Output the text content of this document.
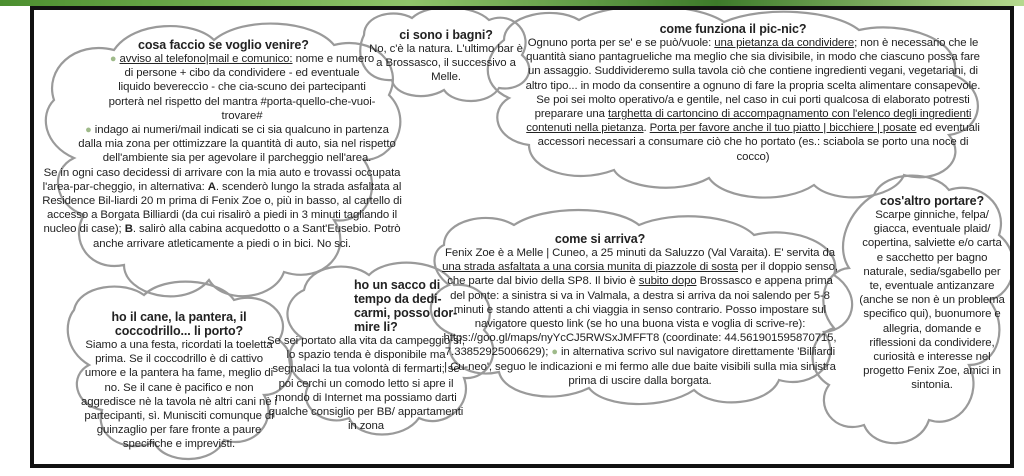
cosa faccio se voglio venire?

● avviso al telefono|mail e comunico: nome e numero di persone + cibo da condividere - ed eventuale liquido bevereccìo - che cia-scuno dei partecipanti porterà nel rispetto del mantra #porta-quello-che-vuoi-trovare#

● indago ai numeri/mail indicati se ci sia qualcuno in partenza dalla mia zona per ottimizzare la quantità di auto, sia nel rispetto dell'ambiente sia per agevolare il parcheggio nell'area.

Se in ogni caso decidessi di arrivare con la mia auto e trovassi occupata l'area-par-cheggio, in alternativa: A. scenderò lungo la strada asfaltata al Residence Bil-liardi 20 m prima di Fenix Zoe o, più in basso, al cartello di accesso a Borgata Billiardi (da cui risalirò a piedi in 3 minuti tagliando il nucleo di case); B. salirò alla cabina acquedotto o a Sant'Eusebio. Potrò anche arrivare atleticamente a piedi o in bici. No sci.

ci sono i bagni?

No, c'è la natura. L'ultimo bar è a Brossasco, il successivo a Melle.

come funziona il pic-nic?

Ognuno porta per se' e se può/vuole: una pietanza da condividere; non è necessario che le quantità siano pantagrueliche ma meglio che sia divisibile, in modo che ciascuno possa fare un assaggio. Suddivideremo sulla tavola ciò che contiene ingredienti vegani, vegetariani, di altro tipo... in modo da consentire a ognuno di fare la propria scelta alimentare consapevole. Se poi sei molto operativo/a e gentile, nel caso in cui porti qualcosa di elaborato potresti preparare una targhetta di cartoncino di accompagnamento con l'elenco degli ingredienti contenuti nella pietanza. Porta per favore anche il tuo piatto | bicchiere | posate ed eventuali accessori necessari a consumare ciò che ho portato (es.: sciabola se porto una noce di cocco)

cos'altro portare?

Scarpe ginniche, felpa/ giacca, eventuale plaid/ copertina, salviette e/o carta e sacchetto per bagno naturale, sedia/sgabello per te, eventuale antizanzare (anche se non è un problema specifico qui), buonumore e allegria, domande e riflessioni da condividere, curiosità e interesse nel progetto Fenix Zoe, amici in sintonia.

come si arriva?

Fenix Zoe è a Melle | Cuneo, a 25 minuti da Saluzzo (Val Varaita). E' servita da una strada asfaltata a una corsia munita di piazzole di sosta per il doppio senso, che parte dal bivio della SP8. Il bivio è subito dopo Brossasco e appena prima del ponte: a sinistra si va in Valmala, a destra si arriva da noi salendo per 5-8 minuti e stando attenti a chi viaggia in senso contrario. Posso impostare sul navigatore questo link (se ho una buona vista e voglia di scrive-re): https://goo.gl/maps/nyYcCJ5RWSxJMFFT8 (coordinate: 44.561901595870715, 7.33852925006629); ● in alternativa scrivo sul navigatore direttamente 'Billiardi | Cu-neo', seguo le indicazioni e mi fermo alle due baite visibili sulla mia sinistra prima di uscire dalla borgata.

ho il cane, la pantera, il coccodrillo... li porto?

Siamo a una festa, ricordati la toeletta prima. Se il coccodrillo è di cattivo umore e la pantera ha fame, meglio di no. Se il cane è pacifico e non aggredisce nè la tavola nè altri cani nè i partecipanti, sì. Munisciti comunque di guinzaglio per fare fronte a paure specifiche e imprevisti.

ho un sacco di tempo da dedi-carmi, posso dor-mire li?

Se sei portato alla vita da campeggio sì, lo spazio tenda è disponibile ma segnalaci la tua volontà di fermarti; se poi cerchi un comodo letto si apre il mondo di Internet ma possiamo darti qualche consiglio per BB/ appartamenti in zona
